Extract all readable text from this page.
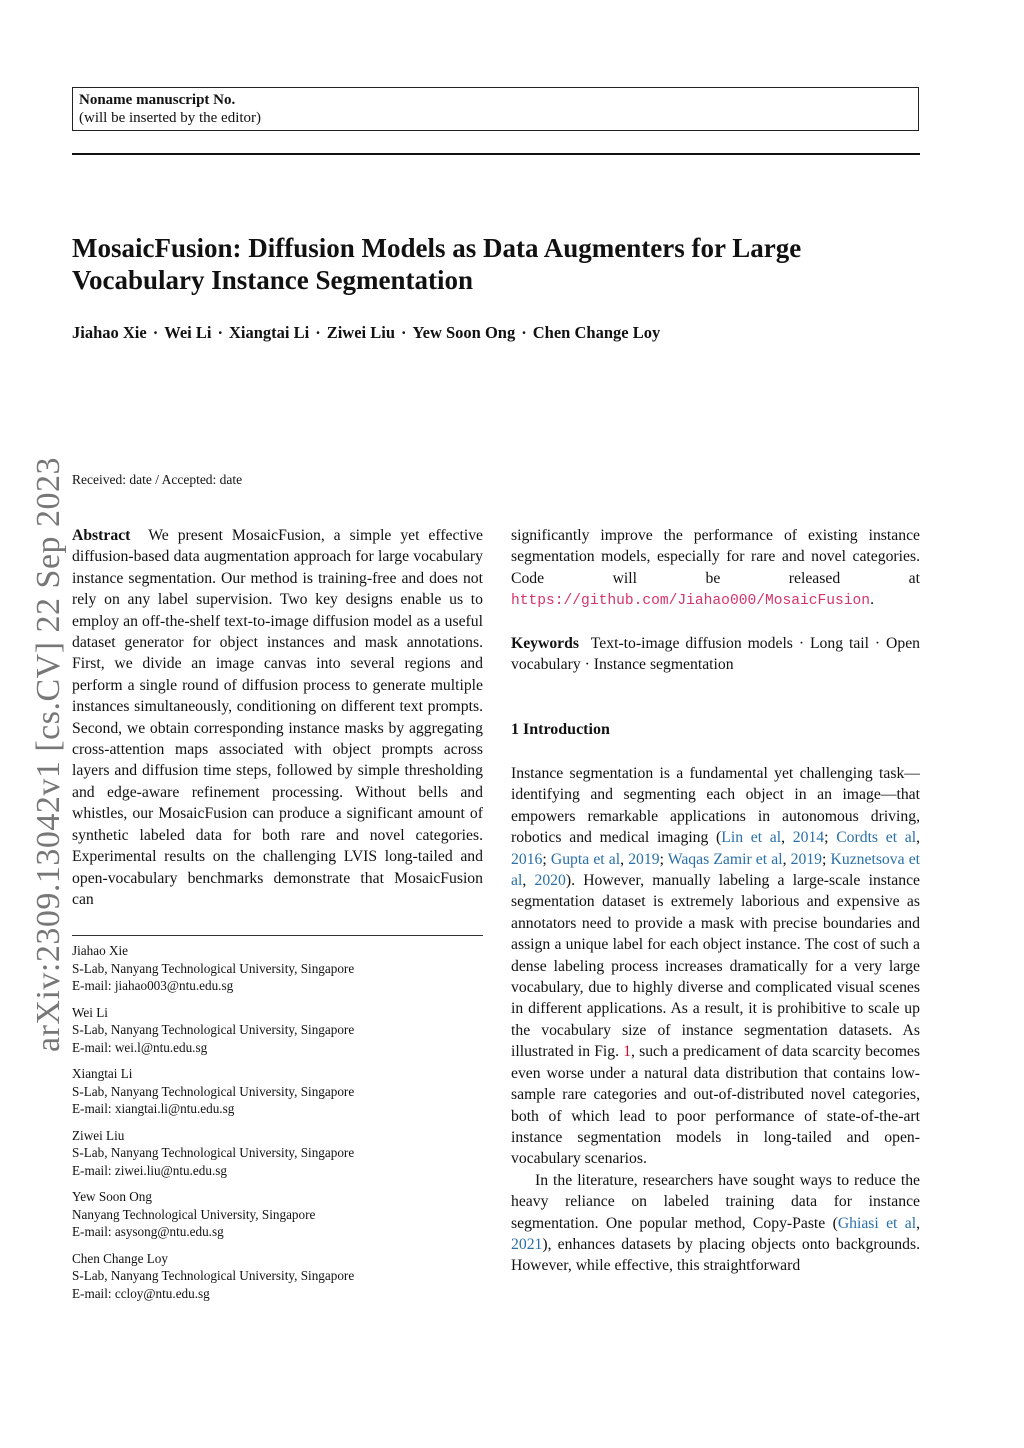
Noname manuscript No.
(will be inserted by the editor)
MosaicFusion: Diffusion Models as Data Augmenters for Large
Vocabulary Instance Segmentation
Jiahao Xie · Wei Li · Xiangtai Li · Ziwei Liu · Yew Soon Ong · Chen Change Loy
arXiv:2309.13042v1 [cs.CV] 22 Sep 2023 Received: date / Accepted: date

Abstract We present MosaicFusion, a simple yet effective diffusion-based data augmentation approach for large vocabulary instance segmentation. Our method is training-free and does not rely on any label supervision. Two key designs enable us to employ an off-the-shelf text-to-image diffusion model as a useful dataset generator for object instances and mask annotations. First, we divide an image canvas into several regions and perform a single round of diffusion process to generate multiple instances simultaneously, conditioning on different text prompts. Second, we obtain corresponding instance masks by aggregating cross-attention maps associated with object prompts across layers and diffusion time steps, followed by simple thresholding and edge-aware refinement processing. Without bells and whistles, our MosaicFusion can produce a significant amount of synthetic labeled data for both rare and novel categories. Experimental results on the challenging LVIS long-tailed and open-vocabulary benchmarks demonstrate that MosaicFusion can

Jiahao Xie
S-Lab, Nanyang Technological University, Singapore
E-mail: jiahao003@ntu.edu.sg
Wei Li
S-Lab, Nanyang Technological University, Singapore
E-mail: wei.l@ntu.edu.sg
Xiangtai Li
S-Lab, Nanyang Technological University, Singapore
E-mail: xiangtai.li@ntu.edu.sg
Ziwei Liu
S-Lab, Nanyang Technological University, Singapore
E-mail: ziwei.liu@ntu.edu.sg
Yew Soon Ong
Nanyang Technological University, Singapore
E-mail: asysong@ntu.edu.sg
Chen Change Loy
S-Lab, Nanyang Technological University, Singapore
E-mail: ccloy@ntu.edu.sg

significantly improve the performance of existing instance segmentation models, especially for rare and novel categories. Code will be released at https://github.com/Jiahao000/MosaicFusion.

Keywords Text-to-image diffusion models · Long tail · Open vocabulary · Instance segmentation

1 Introduction

Instance segmentation is a fundamental yet challenging task—identifying and segmenting each object in an image—that empowers remarkable applications in autonomous driving, robotics and medical imaging (Lin et al, 2014; Cordts et al, 2016; Gupta et al, 2019; Waqas Zamir et al, 2019; Kuznetsova et al, 2020). However, manually labeling a large-scale instance segmentation dataset is extremely laborious and expensive as annotators need to provide a mask with precise boundaries and assign a unique label for each object instance. The cost of such a dense labeling process increases dramatically for a very large vocabulary, due to highly diverse and complicated visual scenes in different applications. As a result, it is prohibitive to scale up the vocabulary size of instance segmentation datasets. As illustrated in Fig. 1, such a predicament of data scarcity becomes even worse under a natural data distribution that contains low-sample rare categories and out-of-distributed novel categories, both of which lead to poor performance of state-of-the-art instance segmentation models in long-tailed and open-vocabulary scenarios.

In the literature, researchers have sought ways to reduce the heavy reliance on labeled training data for instance segmentation. One popular method, Copy-Paste (Ghiasi et al, 2021), enhances datasets by placing objects onto backgrounds. However, while effective, this straightforward
